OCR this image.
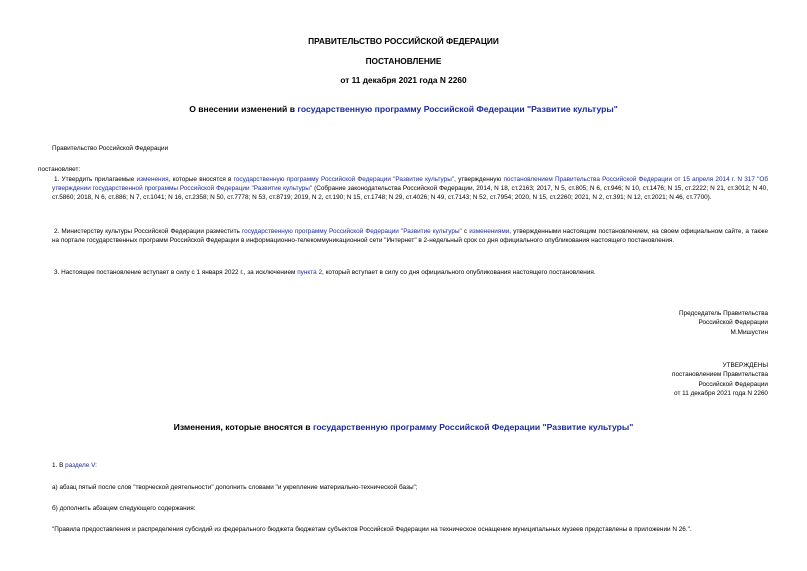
ПРАВИТЕЛЬСТВО РОССИЙСКОЙ ФЕДЕРАЦИИ

ПОСТАНОВЛЕНИЕ

от 11 декабря 2021 года N 2260

О внесении изменений в государственную программу Российской Федерации "Развитие культуры"

Правительство Российской Федерации

постановляет:

1. Утвердить прилагаемые изменения, которые вносятся в государственную программу Российской Федерации "Развитие культуры", утвержденную постановлением Правительства Российской Федерации от 15 апреля 2014 г. N 317 "Об утверждении государственной программы Российской Федерации "Развитие культуры" (Собрание законодательства Российской Федерации, 2014, N 18, ст.2163; 2017, N 5, ст.805; N 6, ст.946; N 10, ст.1476; N 15, ст.2222; N 21, ст.3012; N 40, ст.5860; 2018, N 6, ст.886; N 7, ст.1041; N 16, ст.2358; N 50, ст.7778; N 53, ст.8719; 2019, N 2, ст.190; N 15, ст.1748; N 29, ст.4026; N 49, ст.7143; N 52, ст.7954; 2020, N 15, ст.2260; 2021, N 2, ст.391; N 12, ст.2021; N 46, ст.7700).

2. Министерству культуры Российской Федерации разместить государственную программу Российской Федерации "Развитие культуры" с изменениями, утвержденными настоящим постановлением, на своем официальном сайте, а также на портале государственных программ Российской Федерации в информационно-телекоммуникационной сети "Интернет" в 2-недельный срок со дня официального опубликования настоящего постановления.

3. Настоящее постановление вступает в силу с 1 января 2022 г., за исключением пункта 2, который вступает в силу со дня официального опубликования настоящего постановления.

Председатель Правительства
Российской Федерации
М.Мишустин
УТВЕРЖДЕНЫ
постановлением Правительства
Российской Федерации
от 11 декабря 2021 года N 2260

Изменения, которые вносятся в государственную программу Российской Федерации "Развитие культуры"

1. В разделе V:

а) абзац пятый после слов "творческой деятельности" дополнить словами "и укрепление материально-технической базы";

б) дополнить абзацем следующего содержания:

"Правила предоставления и распределения субсидий из федерального бюджета бюджетам субъектов Российской Федерации на техническое оснащение муниципальных музеев представлены в приложении N 26.".
